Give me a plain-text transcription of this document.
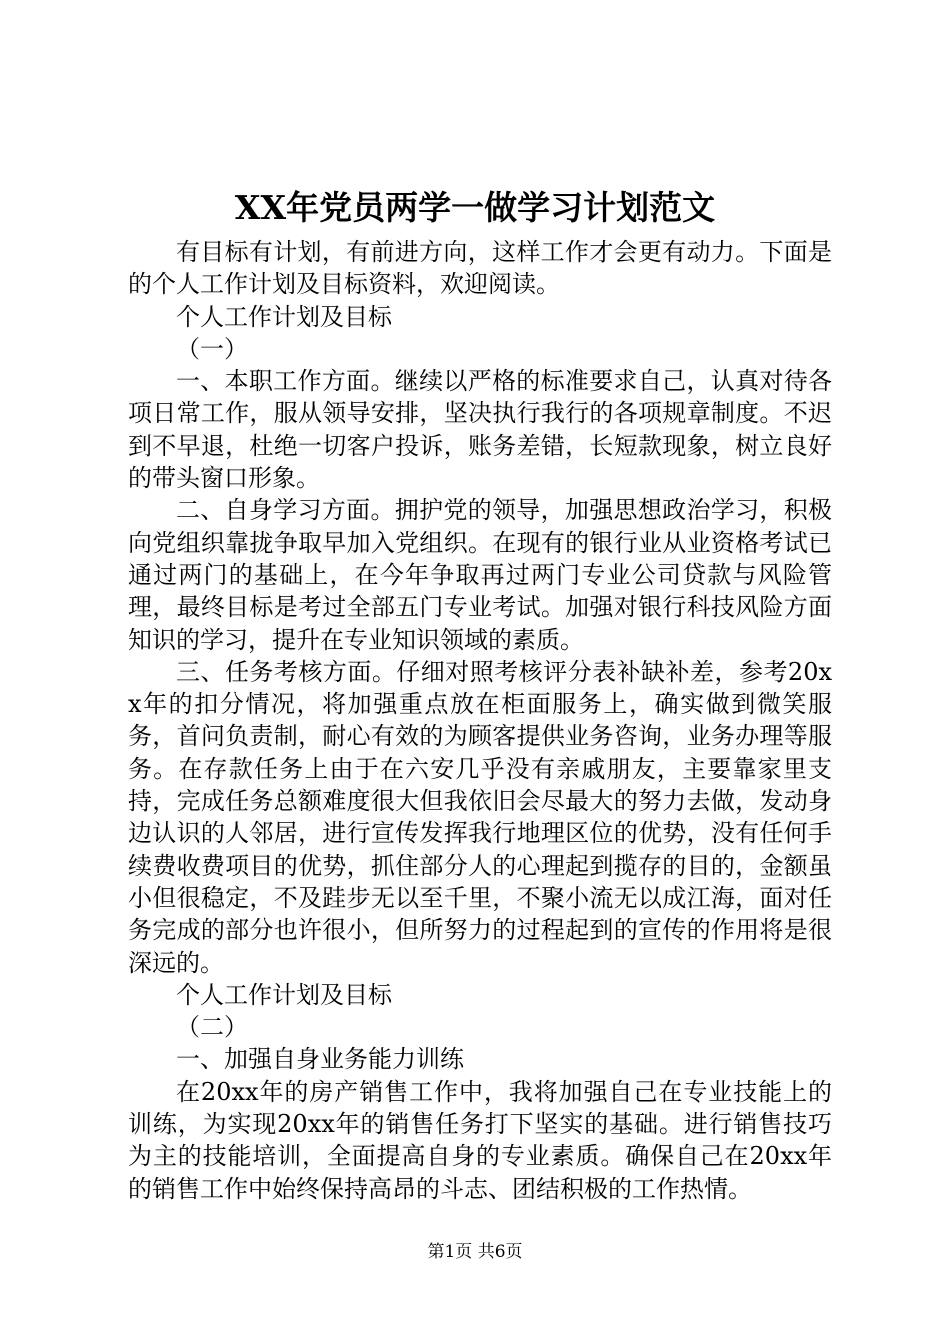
XX年党员两学一做学习计划范文

有目标有计划，有前进方向，这样工作才会更有动力。下面是的个人工作计划及目标资料，欢迎阅读。

个人工作计划及目标

（一）

一、本职工作方面。继续以严格的标准要求自己，认真对待各项日常工作，服从领导安排，坚决执行我行的各项规章制度。不迟到不早退，杜绝一切客户投诉，账务差错，长短款现象，树立良好的带头窗口形象。

二、自身学习方面。拥护党的领导，加强思想政治学习，积极向党组织靠拢争取早加入党组织。在现有的银行业从业资格考试已通过两门的基础上，在今年争取再过两门专业公司贷款与风险管理，最终目标是考过全部五门专业考试。加强对银行科技风险方面知识的学习，提升在专业知识领域的素质。

三、任务考核方面。仔细对照考核评分表补缺补差，参考20xx年的扣分情况，将加强重点放在柜面服务上，确实做到微笑服务，首问负责制，耐心有效的为顾客提供业务咨询，业务办理等服务。在存款任务上由于在六安几乎没有亲戚朋友，主要靠家里支持，完成任务总额难度很大但我依旧会尽最大的努力去做，发动身边认识的人邻居，进行宣传发挥我行地理区位的优势，没有任何手续费收费项目的优势，抓住部分人的心理起到揽存的目的，金额虽小但很稳定，不及跬步无以至千里，不聚小流无以成江海，面对任务完成的部分也许很小，但所努力的过程起到的宣传的作用将是很深远的。

个人工作计划及目标

（二）

一、加强自身业务能力训练

在20xx年的房产销售工作中，我将加强自己在专业技能上的训练，为实现20xx年的销售任务打下坚实的基础。进行销售技巧为主的技能培训，全面提高自身的专业素质。确保自己在20xx年的销售工作中始终保持高昂的斗志、团结积极的工作热情。

第1页 共6页
